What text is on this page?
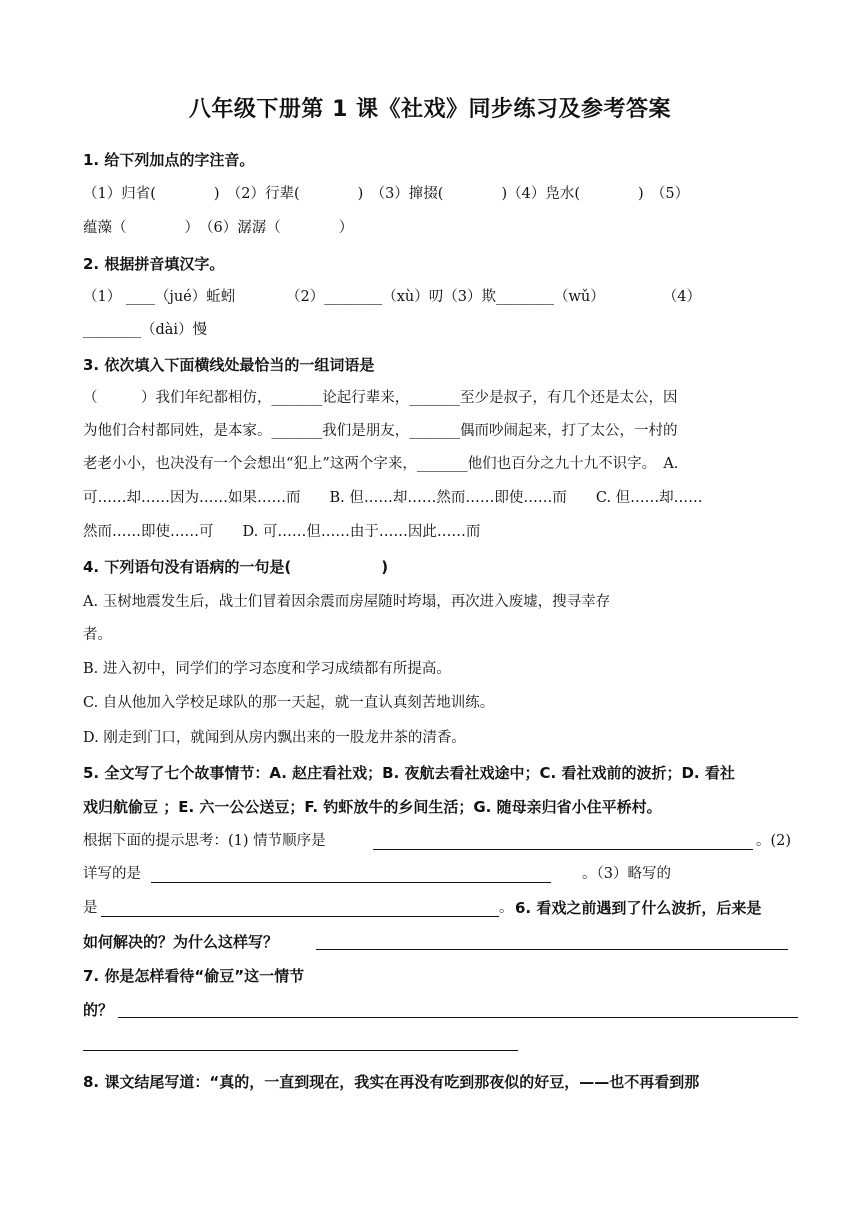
八年级下册第 1 课《社戏》同步练习及参考答案
1. 给下列加点的字注音。
（1）归省(　　　　)　（2）行辈(　　　　)　（3）撺掇(　　　　)（4）凫水(　　　　)　（5）
蕴藻（　　　　）　（6）潺潺（　　　　）
2. 根据拼音填汉字。
（1） ____（jué）蚯蚓　　　　（2）________（xù）叨（3）欺________（wǔ）　　　　　（4）
________（dài）慢
3. 依次填入下面横线处最恰当的一组词语是
（　　　）我们年纪都相仿，_______论起行辈来，_______至少是叔子，有几个还是太公，因
为他们合村都同姓，是本家。_______我们是朋友，_______偶而吵闹起来，打了太公，一村的
老老小小，也决没有一个会想出“犯上”这两个字来，_______他们也百分之九十九不识字。　A.
可……却……因为……如果……而　　B. 但……却……然而……即使……而　　C. 但……却……
然而……即使……可　　D. 可……但……由于……因此……而
4. 下列语句没有语病的一句是(　　　　　　)
A. 玉树地震发生后，战士们冒着因余震而房屋随时垮塌，再次进入废墟，搜寻幸存
者。
B. 进入初中，同学们的学习态度和学习成绩都有所提高。
C. 自从他加入学校足球队的那一天起，就一直认真刻苦地训练。
D. 刚走到门口，就闻到从房内飘出来的一股龙井茶的清香。
5. 全文写了七个故事情节：A. 赵庄看社戏；B. 夜航去看社戏途中；C. 看社戏前的波折；D. 看社
戏归航偷豆 ；E. 六一公公送豆；F. 钓虾放牛的乡间生活；G. 随母亲归省小住平桥村。
根据下面的提示思考：(1) 情节顺序是	。(2)
详写的是	。（3）略写的
是	。 6. 看戏之前遇到了什么波折，后来是
如何解决的？为什么这样写？
7. 你是怎样看待“偷豆”这一情节
的？
8. 课文结尾写道：“真的，一直到现在，我实在再没有吃到那夜似的好豆，——也不再看到那
